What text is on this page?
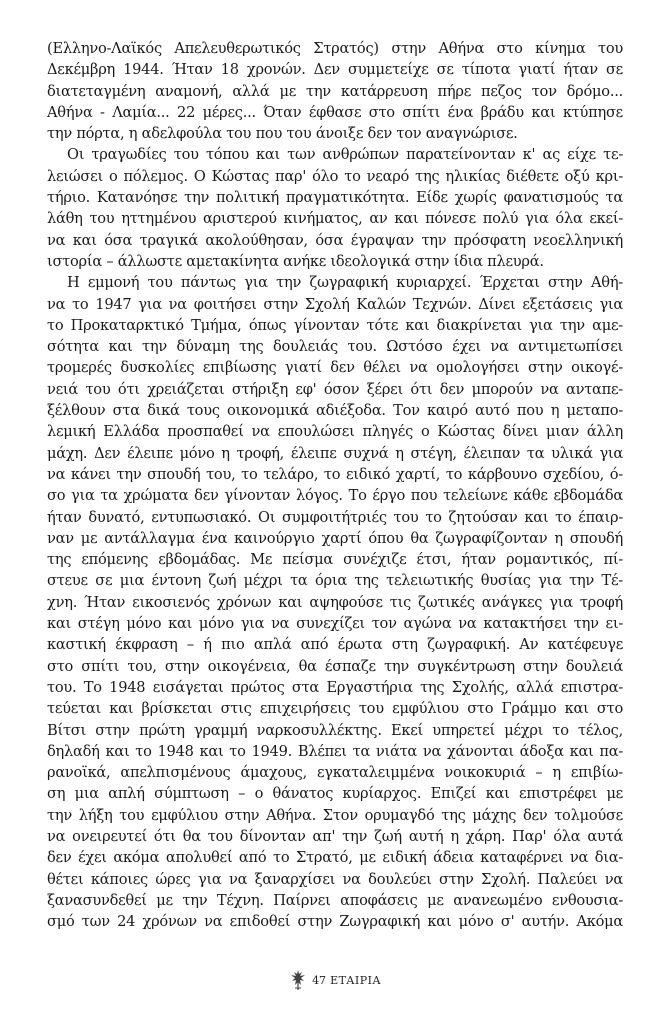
(Ελληνο-Λαϊκός Απελευθερωτικός Στρατός) στην Αθήνα στο κίνημα του
Δεκέμβρη 1944. Ήταν 18 χρονών. Δεν συμμετείχε σε τίποτα γιατί ήταν σε
διατεταγμένη αναμονή, αλλά με την κατάρρευση πήρε πεζος τον δρόμο...
Αθήνα - Λαμία... 22 μέρες... Όταν έφθασε στο σπίτι ένα βράδυ και κτύπησε
την πόρτα, η αδελφούλα του που του άνοιξε δεν τον αναγνώρισε.
Οι τραγωδίες του τόπου και των ανθρώπων παρατείνονταν κ' ας είχε τε-
λειώσει ο πόλεμος. Ο Κώστας παρ' όλο το νεαρό της ηλικίας διέθετε οξύ κρι-
τήριο. Κατανόησε την πολιτική πραγματικότητα. Είδε χωρίς φανατισμούς τα
λάθη του ηττημένου αριστερού κινήματος, αν και πόνεσε πολύ για όλα εκεί-
να και όσα τραγικά ακολούθησαν, όσα έγραψαν την πρόσφατη νεοελληνική
ιστορία – άλλωστε αμετακίνητα ανήκε ιδεολογικά στην ίδια πλευρά.
Η εμμονή του πάντως για την ζωγραφική κυριαρχεί. Έρχεται στην Αθή-
να το 1947 για να φοιτήσει στην Σχολή Καλών Τεχνών. Δίνει εξετάσεις για
το Προκαταρκτικό Τμήμα, όπως γίνονταν τότε και διακρίνεται για την αμε-
σότητα και την δύναμη της δουλειάς του. Ωστόσο έχει να αντιμετωπίσει
τρομερές δυσκολίες επιβίωσης γιατί δεν θέλει να ομολογήσει στην οικογέ-
νειά του ότι χρειάζεται στήριξη εφ' όσον ξέρει ότι δεν μπορούν να ανταπε-
ξέλθουν στα δικά τους οικονομικά αδιέξοδα. Τον καιρό αυτό που η μεταπο-
λεμική Ελλάδα προσπαθεί να επουλώσει πληγές ο Κώστας δίνει μιαν άλλη
μάχη. Δεν έλειπε μόνο η τροφή, έλειπε συχνά η στέγη, έλειπαν τα υλικά για
να κάνει την σπουδή του, το τελάρο, το ειδικό χαρτί, το κάρβουνο σχεδίου, ό-
σο για τα χρώματα δεν γίνονταν λόγος. Το έργο που τελείωνε κάθε εβδομάδα
ήταν δυνατό, εντυπωσιακό. Οι συμφοιτήτριές του το ζητούσαν και το έπαιρ-
ναν με αντάλλαγμα ένα καινούργιο χαρτί όπου θα ζωγραφίζονταν η σπουδή
της επόμενης εβδομάδας. Με πείσμα συνέχιζε έτσι, ήταν ρομαντικός, πί-
στευε σε μια έντονη ζωή μέχρι τα όρια της τελειωτικής θυσίας για την Τέ-
χνη. Ήταν εικοσιενός χρόνων και αψηφούσε τις ζωτικές ανάγκες για τροφή
και στέγη μόνο και μόνο για να συνεχίζει τον αγώνα να κατακτήσει την ει-
καστική έκφραση – ή πιο απλά από έρωτα στη ζωγραφική. Αν κατέφευγε
στο σπίτι του, στην οικογένεια, θα έσπαζε την συγκέντρωση στην δουλειά
του. Το 1948 εισάγεται πρώτος στα Εργαστήρια της Σχολής, αλλά επιστρα-
τεύεται και βρίσκεται στις επιχειρήσεις του εμφύλιου στο Γράμμο και στο
Βίτσι στην πρώτη γραμμή ναρκοσυλλέκτης. Εκεί υπηρετεί μέχρι το τέλος,
δηλαδή και το 1948 και το 1949. Βλέπει τα νιάτα να χάνονται άδοξα και πα-
ρανοϊκά, απελπισμένους άμαχους, εγκαταλειμμένα νοικοκυριά – η επιβίω-
ση μια απλή σύμπτωση – ο θάνατος κυρίαρχος. Επιζεί και επιστρέφει με
την λήξη του εμφύλιου στην Αθήνα. Στον ορυμαγδό της μάχης δεν τολμούσε
να ονειρευτεί ότι θα του δίνονταν απ' την ζωή αυτή η χάρη. Παρ' όλα αυτά
δεν έχει ακόμα απολυθεί από το Στρατό, με ειδική άδεια καταφέρνει να δια-
θέτει κάποιες ώρες για να ξαναρχίσει να δουλεύει στην Σχολή. Παλεύει να
ξανασυνδεθεί με την Τέχνη. Παίρνει αποφάσεις με ανανεωμένο ενθουσια-
σμό των 24 χρόνων να επιδοθεί στην Ζωγραφική και μόνο σ' αυτήν. Ακόμα
47 ΕΤΑΙΡΙΑ
